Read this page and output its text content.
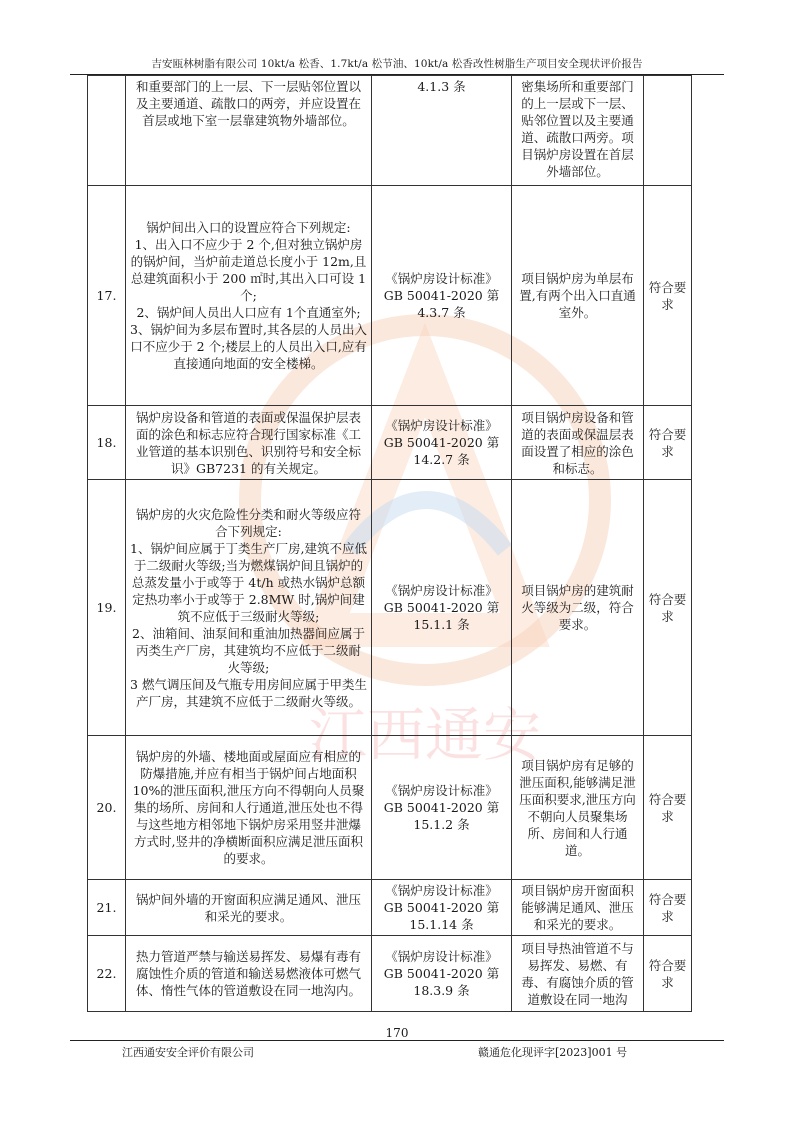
吉安瓯林树脂有限公司 10kt/a 松香、1.7kt/a 松节油、10kt/a 松香改性树脂生产项目安全现状评价报告
江西通安
	和重要部门的上一层、下一层贴邻位置以及主要通道、疏散口的两旁，并应设置在首层或地下室一层靠建筑物外墙部位。	4.1.3 条	密集场所和重要部门的上一层或下一层、贴邻位置以及主要通道、疏散口两旁。项目锅炉房设置在首层外墙部位。	
17.	锅炉间出入口的设置应符合下列规定:
1、出入口不应少于 2 个,但对独立锅炉房的锅炉间，当炉前走道总长度小于 12m,且总建筑面积小于 200 ㎡时,其出入口可设 1 个;
2、锅炉间人员出人口应有 1个直通室外;
3、锅炉间为多层布置时,其各层的人员出入口不应少于 2 个;楼层上的人员出入口,应有直接通向地面的安全楼梯。	《锅炉房设计标准》GB 50041-2020 第 4.3.7 条	项目锅炉房为单层布置,有两个出入口直通室外。	符合要求
18.	锅炉房设备和管道的表面或保温保护层表面的涂色和标志应符合现行国家标准《工业管道的基本识别色、识别符号和安全标识》GB7231 的有关规定。	《锅炉房设计标准》GB 50041-2020 第 14.2.7 条	项目锅炉房设备和管道的表面或保温层表面设置了相应的涂色和标志。	符合要求
19.	锅炉房的火灾危险性分类和耐火等级应符合下列规定:
1、锅炉间应属于丁类生产厂房,建筑不应低于二级耐火等级;当为燃煤锅炉间且锅炉的总蒸发量小于或等于 4t/h 或热水锅炉总额定热功率小于或等于 2.8MW 时,锅炉间建筑不应低于三级耐火等级;
2、油箱间、油泵间和重油加热器间应属于丙类生产厂房，其建筑均不应低于二级耐火等级;
3 燃气调压间及气瓶专用房间应属于甲类生产厂房，其建筑不应低于二级耐火等级。	《锅炉房设计标准》GB 50041-2020 第 15.1.1 条	项目锅炉房的建筑耐火等级为二级，符合要求。	符合要求
20.	锅炉房的外墙、楼地面或屋面应有相应的防爆措施,并应有相当于锅炉间占地面积 10%的泄压面积,泄压方向不得朝向人员聚集的场所、房间和人行通道,泄压处也不得与这些地方相邻地下锅炉房采用竖井泄爆方式时,竖井的净横断面积应满足泄压面积的要求。	《锅炉房设计标准》GB 50041-2020 第 15.1.2 条	项目锅炉房有足够的泄压面积,能够满足泄压面积要求,泄压方向不朝向人员聚集场所、房间和人行通道。	符合要求
21.	锅炉间外墙的开窗面积应满足通风、泄压和采光的要求。	《锅炉房设计标准》GB 50041-2020 第 15.1.14 条	项目锅炉房开窗面积能够满足通风、泄压和采光的要求。	符合要求
22.	热力管道严禁与输送易挥发、易爆有毒有腐蚀性介质的管道和输送易燃液体可燃气体、惰性气体的管道敷设在同一地沟内。	《锅炉房设计标准》GB 50041-2020 第 18.3.9 条	项目导热油管道不与易挥发、易燃、有毒、有腐蚀介质的管道敷设在同一地沟	符合要求
170
江西通安安全评价有限公司	赣通危化现评字[2023]001 号
